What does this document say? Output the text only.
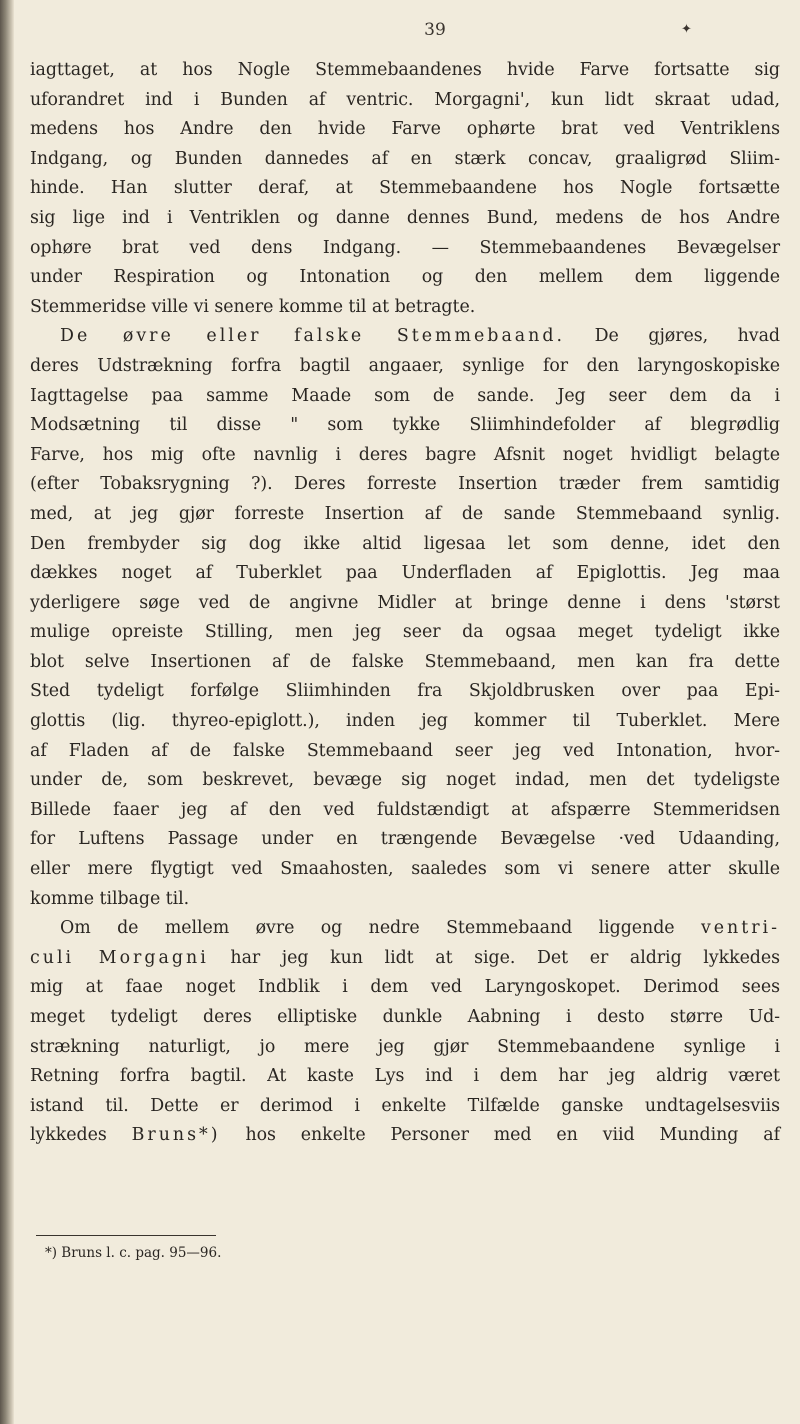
39	✦
iagttaget, at hos Nogle Stemmebaandenes hvide Farve fortsatte sig
uforandret ind i Bunden af ventric. Morgagni', kun lidt skraat udad,
medens hos Andre den hvide Farve ophørte brat ved Ventriklens
Indgang, og Bunden dannedes af en stærk concav, graaligrød Sliim-
hinde. Han slutter deraf, at Stemmebaandene hos Nogle fortsætte
sig lige ind i Ventriklen og danne dennes Bund, medens de hos Andre
ophøre brat ved dens Indgang. — Stemmebaandenes Bevægelser
under Respiration og Intonation og den mellem dem liggende
Stemmeridse ville vi senere komme til at betragte.
De øvre eller falske Stemmebaand. De gjøres, hvad
deres Udstrækning forfra bagtil angaaer, synlige for den laryngoskopiske
Iagttagelse paa samme Maade som de sande. Jeg seer dem da i
Modsætning til disse " som tykke Sliimhindefolder af blegrødlig
Farve, hos mig ofte navnlig i deres bagre Afsnit noget hvidligt belagte
(efter Tobaksrygning ?). Deres forreste Insertion træder frem samtidig
med, at jeg gjør forreste Insertion af de sande Stemmebaand synlig.
Den frembyder sig dog ikke altid ligesaa let som denne, idet den
dækkes noget af Tuberklet paa Underfladen af Epiglottis. Jeg maa
yderligere søge ved de angivne Midler at bringe denne i dens 'størst
mulige opreiste Stilling, men jeg seer da ogsaa meget tydeligt ikke
blot selve Insertionen af de falske Stemmebaand, men kan fra dette
Sted tydeligt forfølge Sliimhinden fra Skjoldbrusken over paa Epi-
glottis (lig. thyreo-epiglott.), inden jeg kommer til Tuberklet. Mere
af Fladen af de falske Stemmebaand seer jeg ved Intonation, hvor-
under de, som beskrevet, bevæge sig noget indad, men det tydeligste
Billede faaer jeg af den ved fuldstændigt at afspærre Stemmeridsen
for Luftens Passage under en trængende Bevægelse ·ved Udaanding,
eller mere flygtigt ved Smaahosten, saaledes som vi senere atter skulle
komme tilbage til.
Om de mellem øvre og nedre Stemmebaand liggende ventri-
culi Morgagni har jeg kun lidt at sige. Det er aldrig lykkedes
mig at faae noget Indblik i dem ved Laryngoskopet. Derimod sees
meget tydeligt deres elliptiske dunkle Aabning i desto større Ud-
strækning naturligt, jo mere jeg gjør Stemmebaandene synlige i
Retning forfra bagtil. At kaste Lys ind i dem har jeg aldrig været
istand til. Dette er derimod i enkelte Tilfælde ganske undtagelsesviis
lykkedes Bruns*) hos enkelte Personer med en viid Munding af
*) Bruns l. c. pag. 95—96.
